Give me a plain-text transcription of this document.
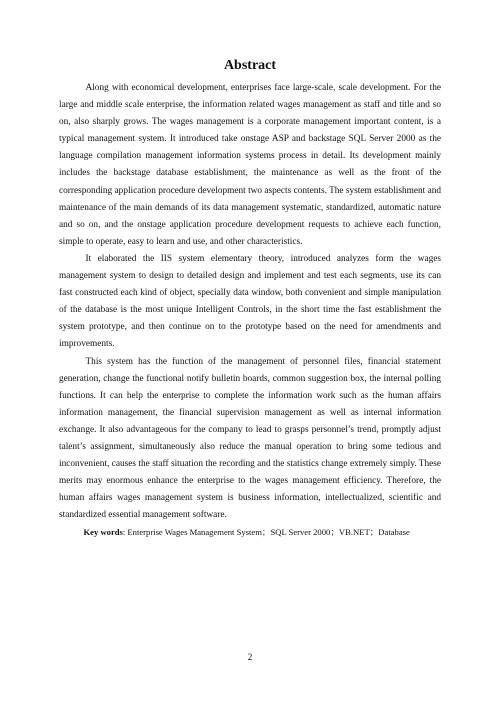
Abstract

Along with economical development, enterprises face large-scale, scale development. For the large and middle scale enterprise, the information related wages management as staff and title and so on, also sharply grows. The wages management is a corporate management important content, is a typical management system. It introduced take onstage ASP and backstage SQL Server 2000 as the language compilation management information systems process in detail. Its development mainly includes the backstage database establishment, the maintenance as well as the front of the corresponding application procedure development two aspects contents. The system establishment and maintenance of the main demands of its data management systematic, standardized, automatic nature and so on, and the onstage application procedure development requests to achieve each function, simple to operate, easy to learn and use, and other characteristics.

It elaborated the IIS system elementary theory, introduced analyzes form the wages management system to design to detailed design and implement and test each segments, use its can fast constructed each kind of object, specially data window, both convenient and simple manipulation of the database is the most unique Intelligent Controls, in the short time the fast establishment the system prototype, and then continue on to the prototype based on the need for amendments and improvements.

This system has the function of the management of personnel files, financial statement generation, change the functional notify bulletin boards, common suggestion box, the internal polling functions. It can help the enterprise to complete the information work such as the human affairs information management, the financial supervision management as well as internal information exchange. It also advantageous for the company to lead to grasps personnel’s trend, promptly adjust talent’s assignment, simultaneously also reduce the manual operation to bring some tedious and inconvenient, causes the staff situation the recording and the statistics change extremely simply. These merits may enormous enhance the enterprise to the wages management efficiency. Therefore, the human affairs wages management system is business information, intellectualized, scientific and standardized essential management software.

Key words: Enterprise Wages Management System；SQL Server 2000；VB.NET；Database

2
